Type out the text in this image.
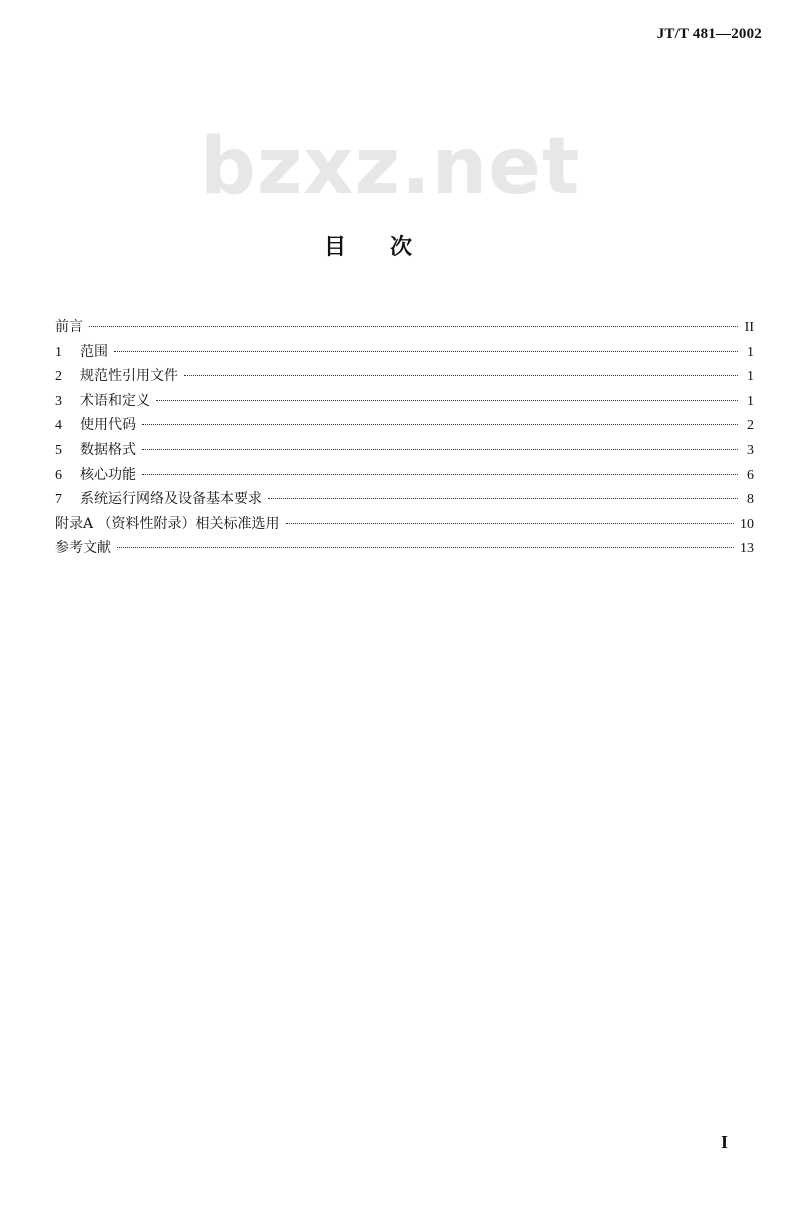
JT/T 481—2002
bzxz.net
目次
前言	II
1	范围	1
2	规范性引用文件	1
3	术语和定义	1
4	使用代码	2
5	数据格式	3
6	核心功能	6
7	系统运行网络及设备基本要求	8
附录A （资料性附录）相关标准选用	10
参考文献	13
I
